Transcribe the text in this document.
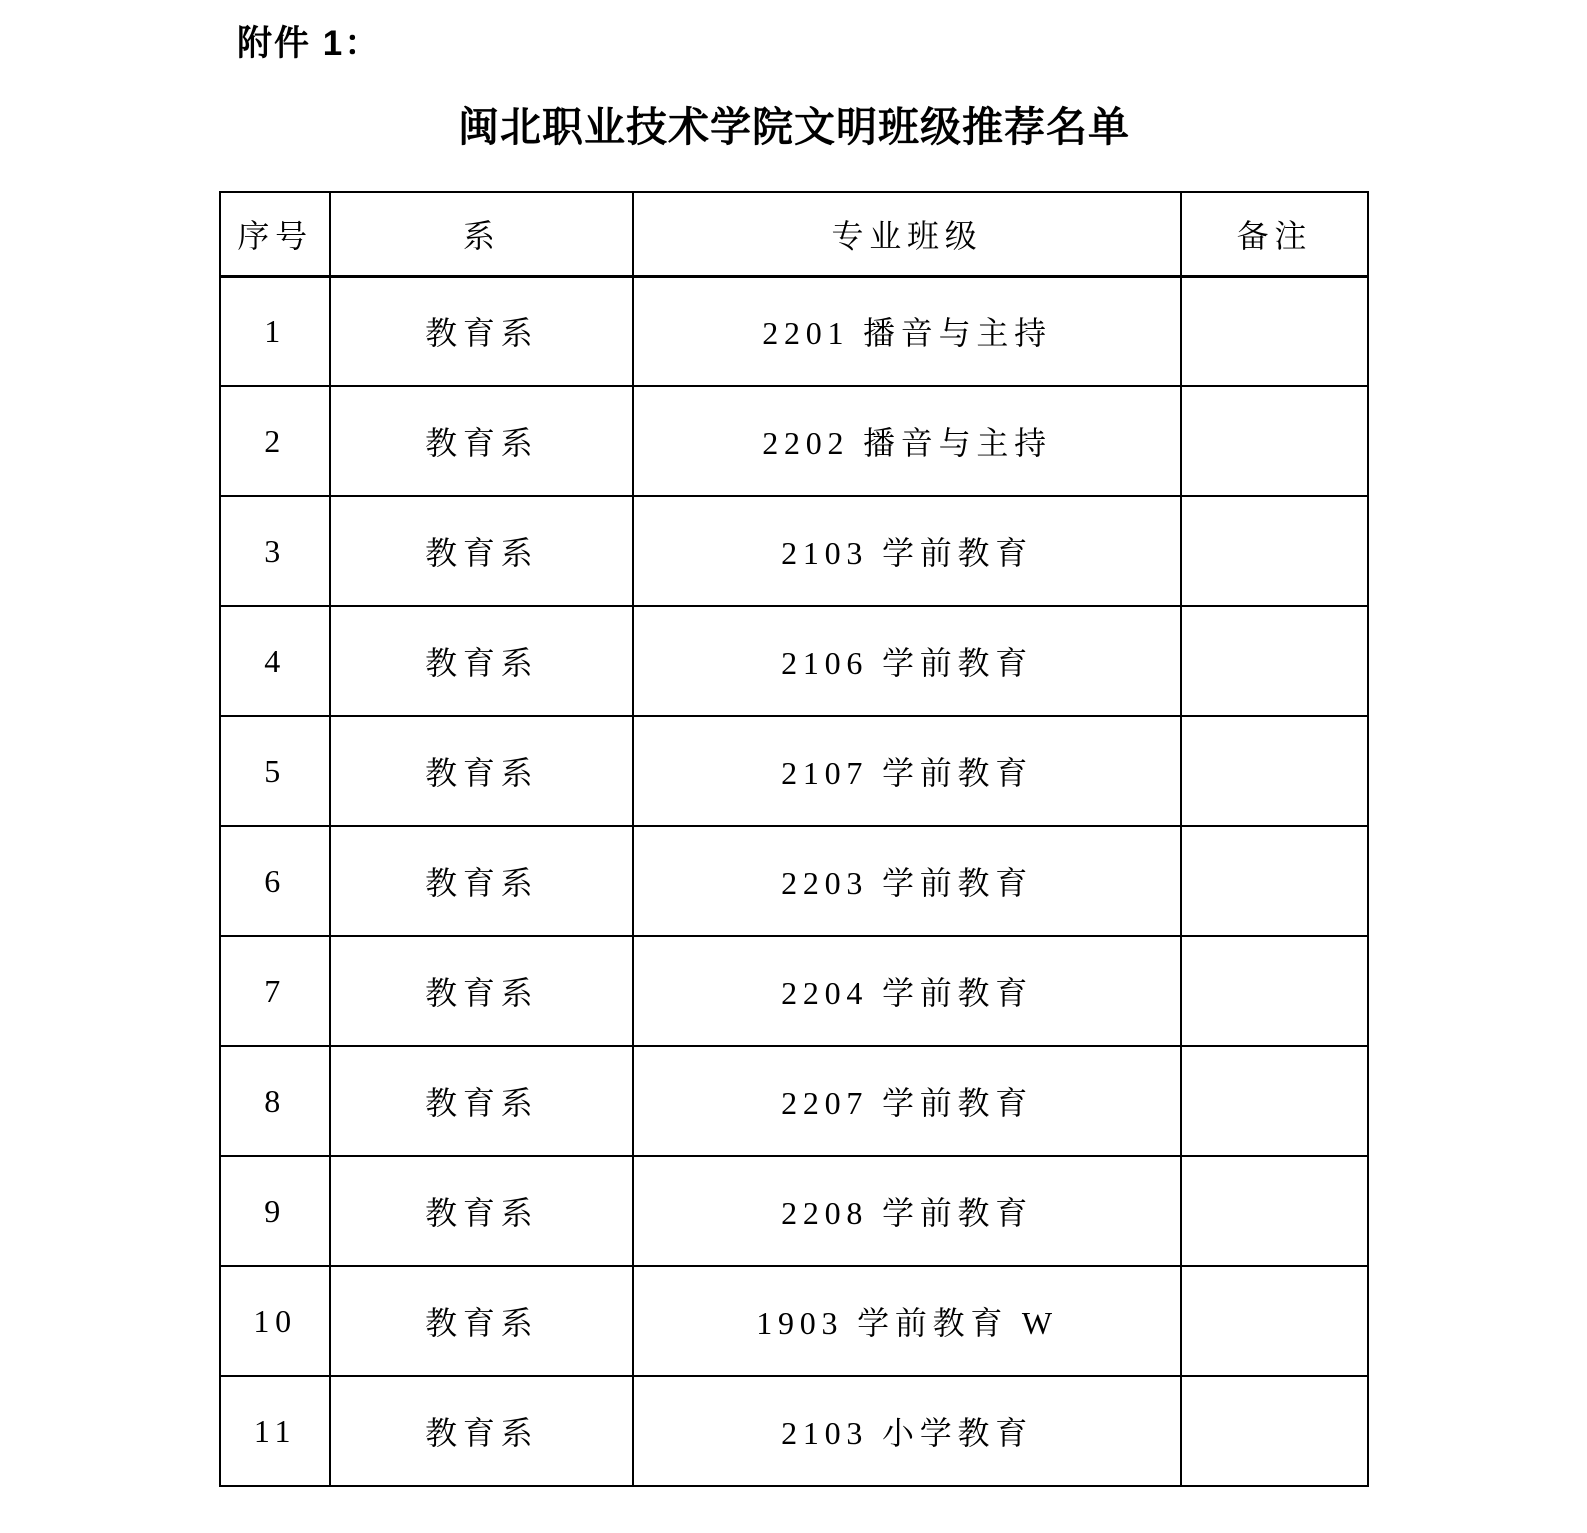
附件 1：
闽北职业技术学院文明班级推荐名单
序号	系	专业班级	备注
1	教育系	2201 播音与主持	
2	教育系	2202 播音与主持	
3	教育系	2103 学前教育	
4	教育系	2106 学前教育	
5	教育系	2107 学前教育	
6	教育系	2203 学前教育	
7	教育系	2204 学前教育	
8	教育系	2207 学前教育	
9	教育系	2208 学前教育	
10	教育系	1903 学前教育 W	
11	教育系	2103 小学教育	
